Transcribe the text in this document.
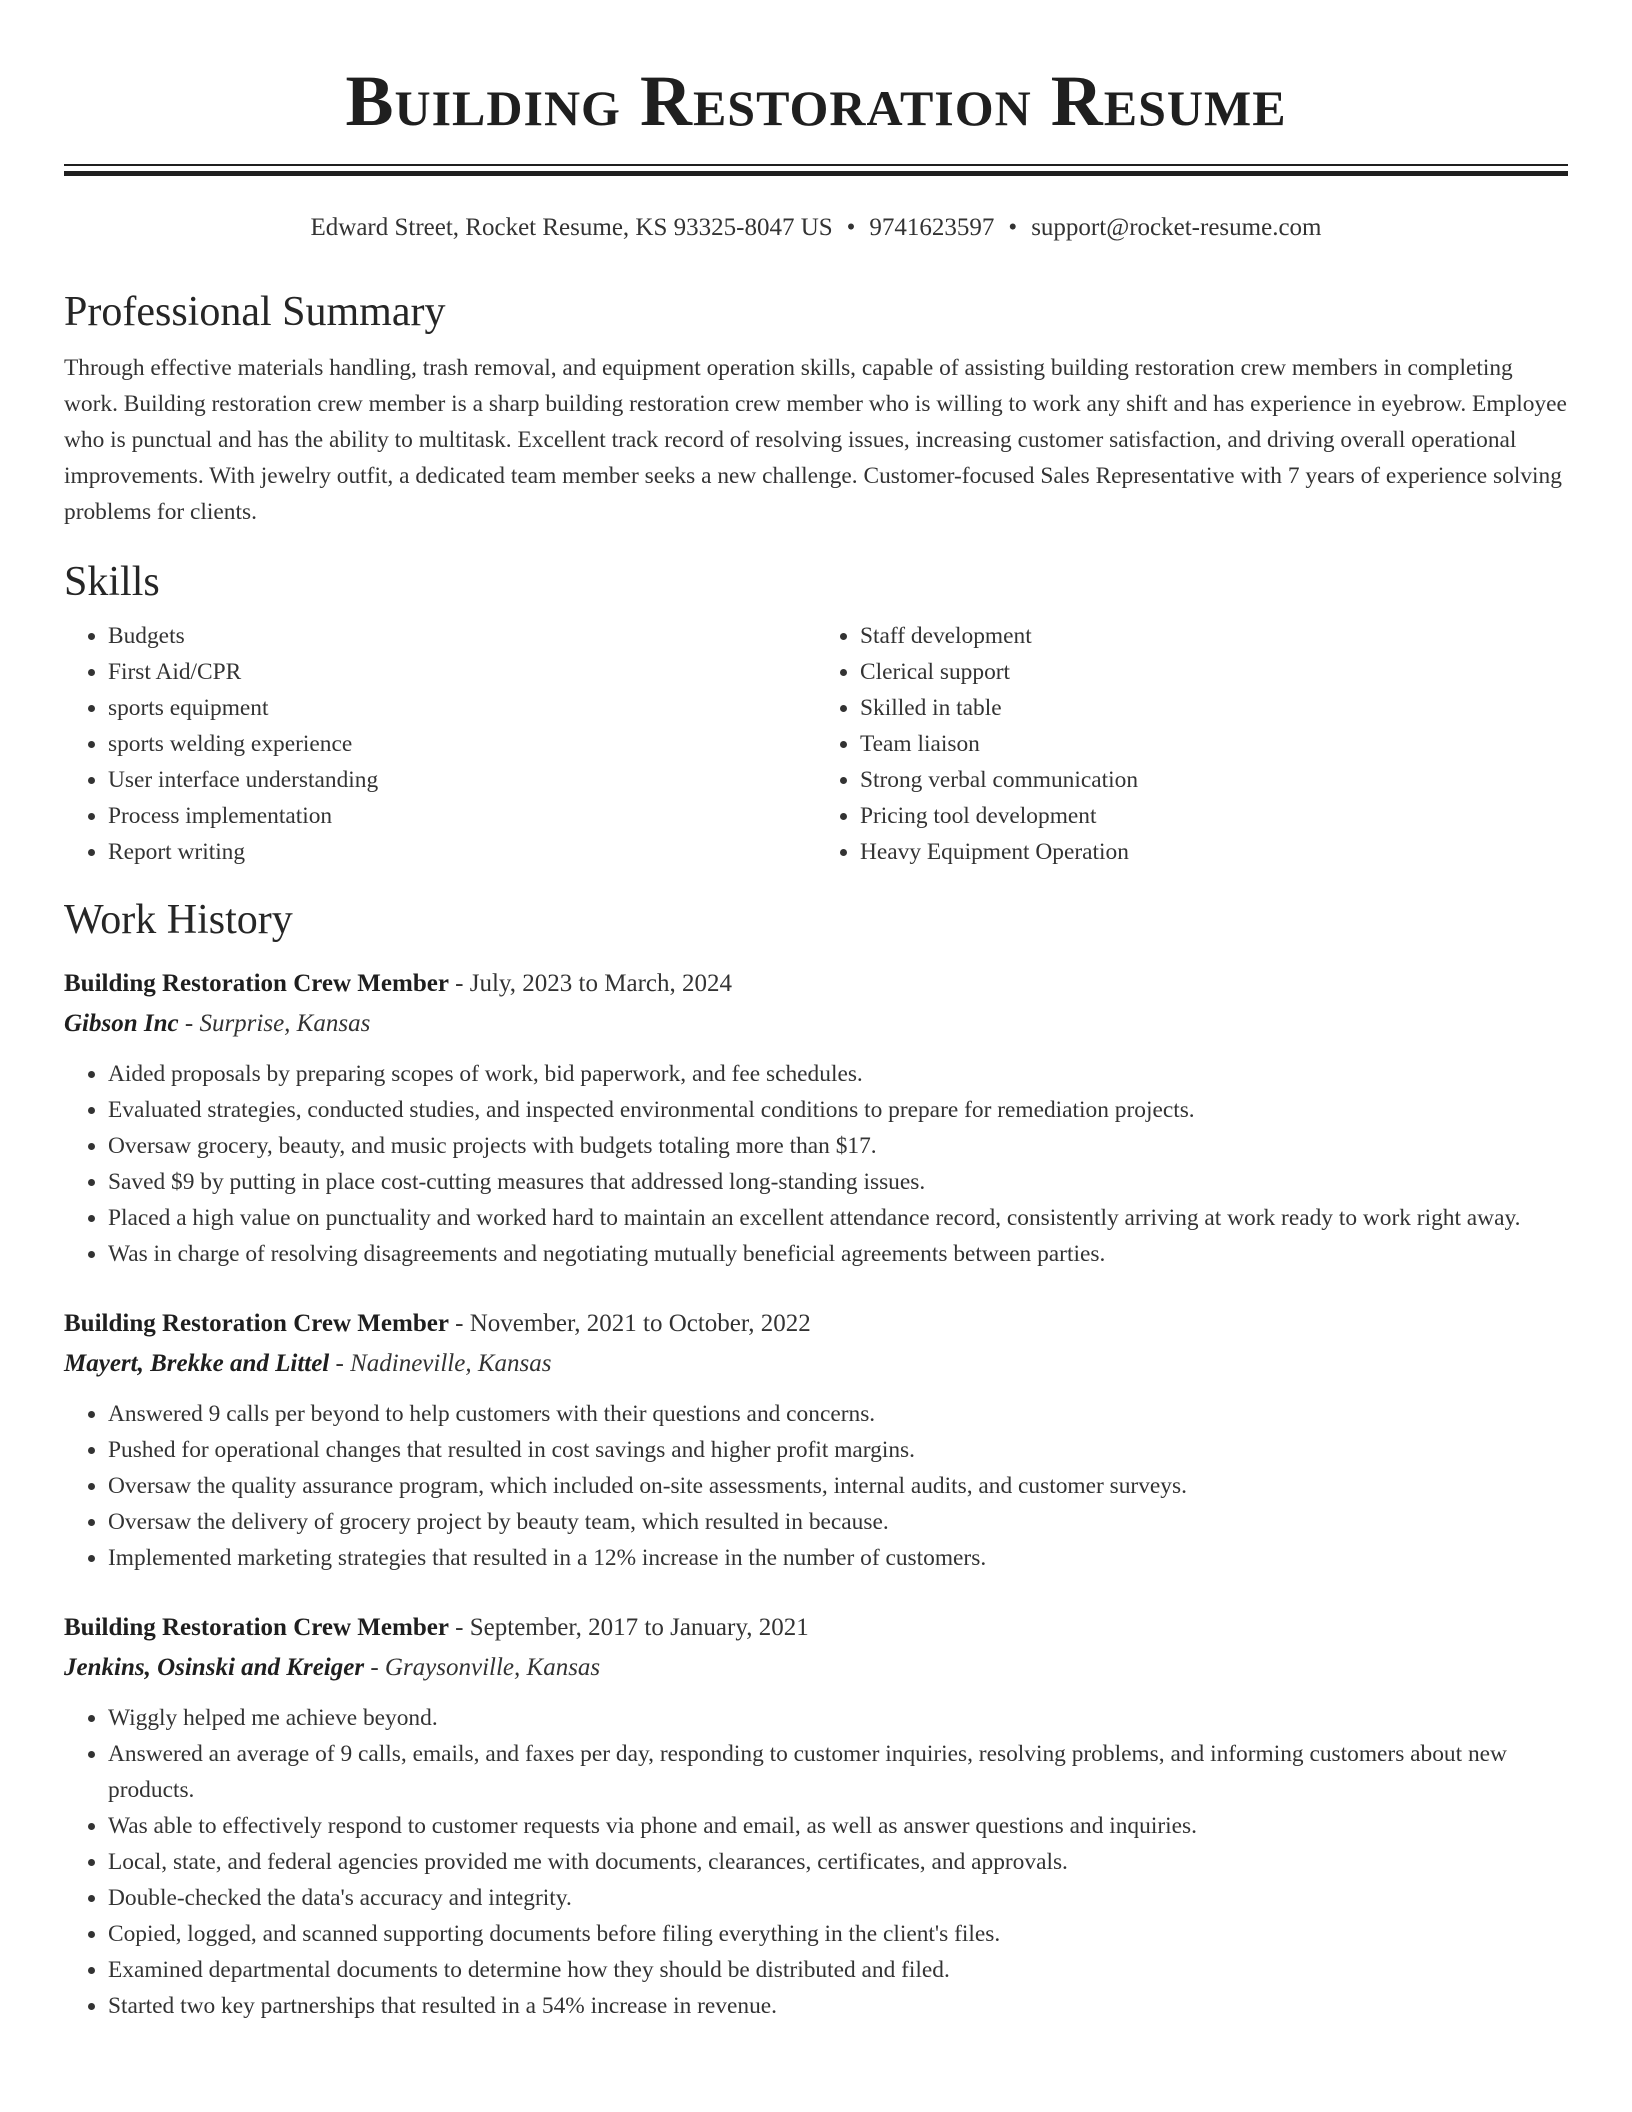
Building Restoration Resume
Edward Street, Rocket Resume, KS 93325-8047 US • 9741623597 • support@rocket-resume.com
Professional Summary

Through effective materials handling, trash removal, and equipment operation skills, capable of assisting building restoration crew members in completing work. Building restoration crew member is a sharp building restoration crew member who is willing to work any shift and has experience in eyebrow. Employee who is punctual and has the ability to multitask. Excellent track record of resolving issues, increasing customer satisfaction, and driving overall operational improvements. With jewelry outfit, a dedicated team member seeks a new challenge. Customer-focused Sales Representative with 7 years of experience solving problems for clients.

Skills
• Budgets
• First Aid/CPR
• sports equipment
• sports welding experience
• User interface understanding
• Process implementation
• Report writing
• Staff development
• Clerical support
• Skilled in table
• Team liaison
• Strong verbal communication
• Pricing tool development
• Heavy Equipment Operation
Work History
Building Restoration Crew Member - July, 2023 to March, 2024
Gibson Inc - Surprise, Kansas
• Aided proposals by preparing scopes of work, bid paperwork, and fee schedules.
• Evaluated strategies, conducted studies, and inspected environmental conditions to prepare for remediation projects.
• Oversaw grocery, beauty, and music projects with budgets totaling more than $17.
• Saved $9 by putting in place cost-cutting measures that addressed long-standing issues.
• Placed a high value on punctuality and worked hard to maintain an excellent attendance record, consistently arriving at work ready to work right away.
• Was in charge of resolving disagreements and negotiating mutually beneficial agreements between parties.
Building Restoration Crew Member - November, 2021 to October, 2022
Mayert, Brekke and Littel - Nadineville, Kansas
• Answered 9 calls per beyond to help customers with their questions and concerns.
• Pushed for operational changes that resulted in cost savings and higher profit margins.
• Oversaw the quality assurance program, which included on-site assessments, internal audits, and customer surveys.
• Oversaw the delivery of grocery project by beauty team, which resulted in because.
• Implemented marketing strategies that resulted in a 12% increase in the number of customers.
Building Restoration Crew Member - September, 2017 to January, 2021
Jenkins, Osinski and Kreiger - Graysonville, Kansas
• Wiggly helped me achieve beyond.
• Answered an average of 9 calls, emails, and faxes per day, responding to customer inquiries, resolving problems, and informing customers about new products.
• Was able to effectively respond to customer requests via phone and email, as well as answer questions and inquiries.
• Local, state, and federal agencies provided me with documents, clearances, certificates, and approvals.
• Double-checked the data's accuracy and integrity.
• Copied, logged, and scanned supporting documents before filing everything in the client's files.
• Examined departmental documents to determine how they should be distributed and filed.
• Started two key partnerships that resulted in a 54% increase in revenue.
